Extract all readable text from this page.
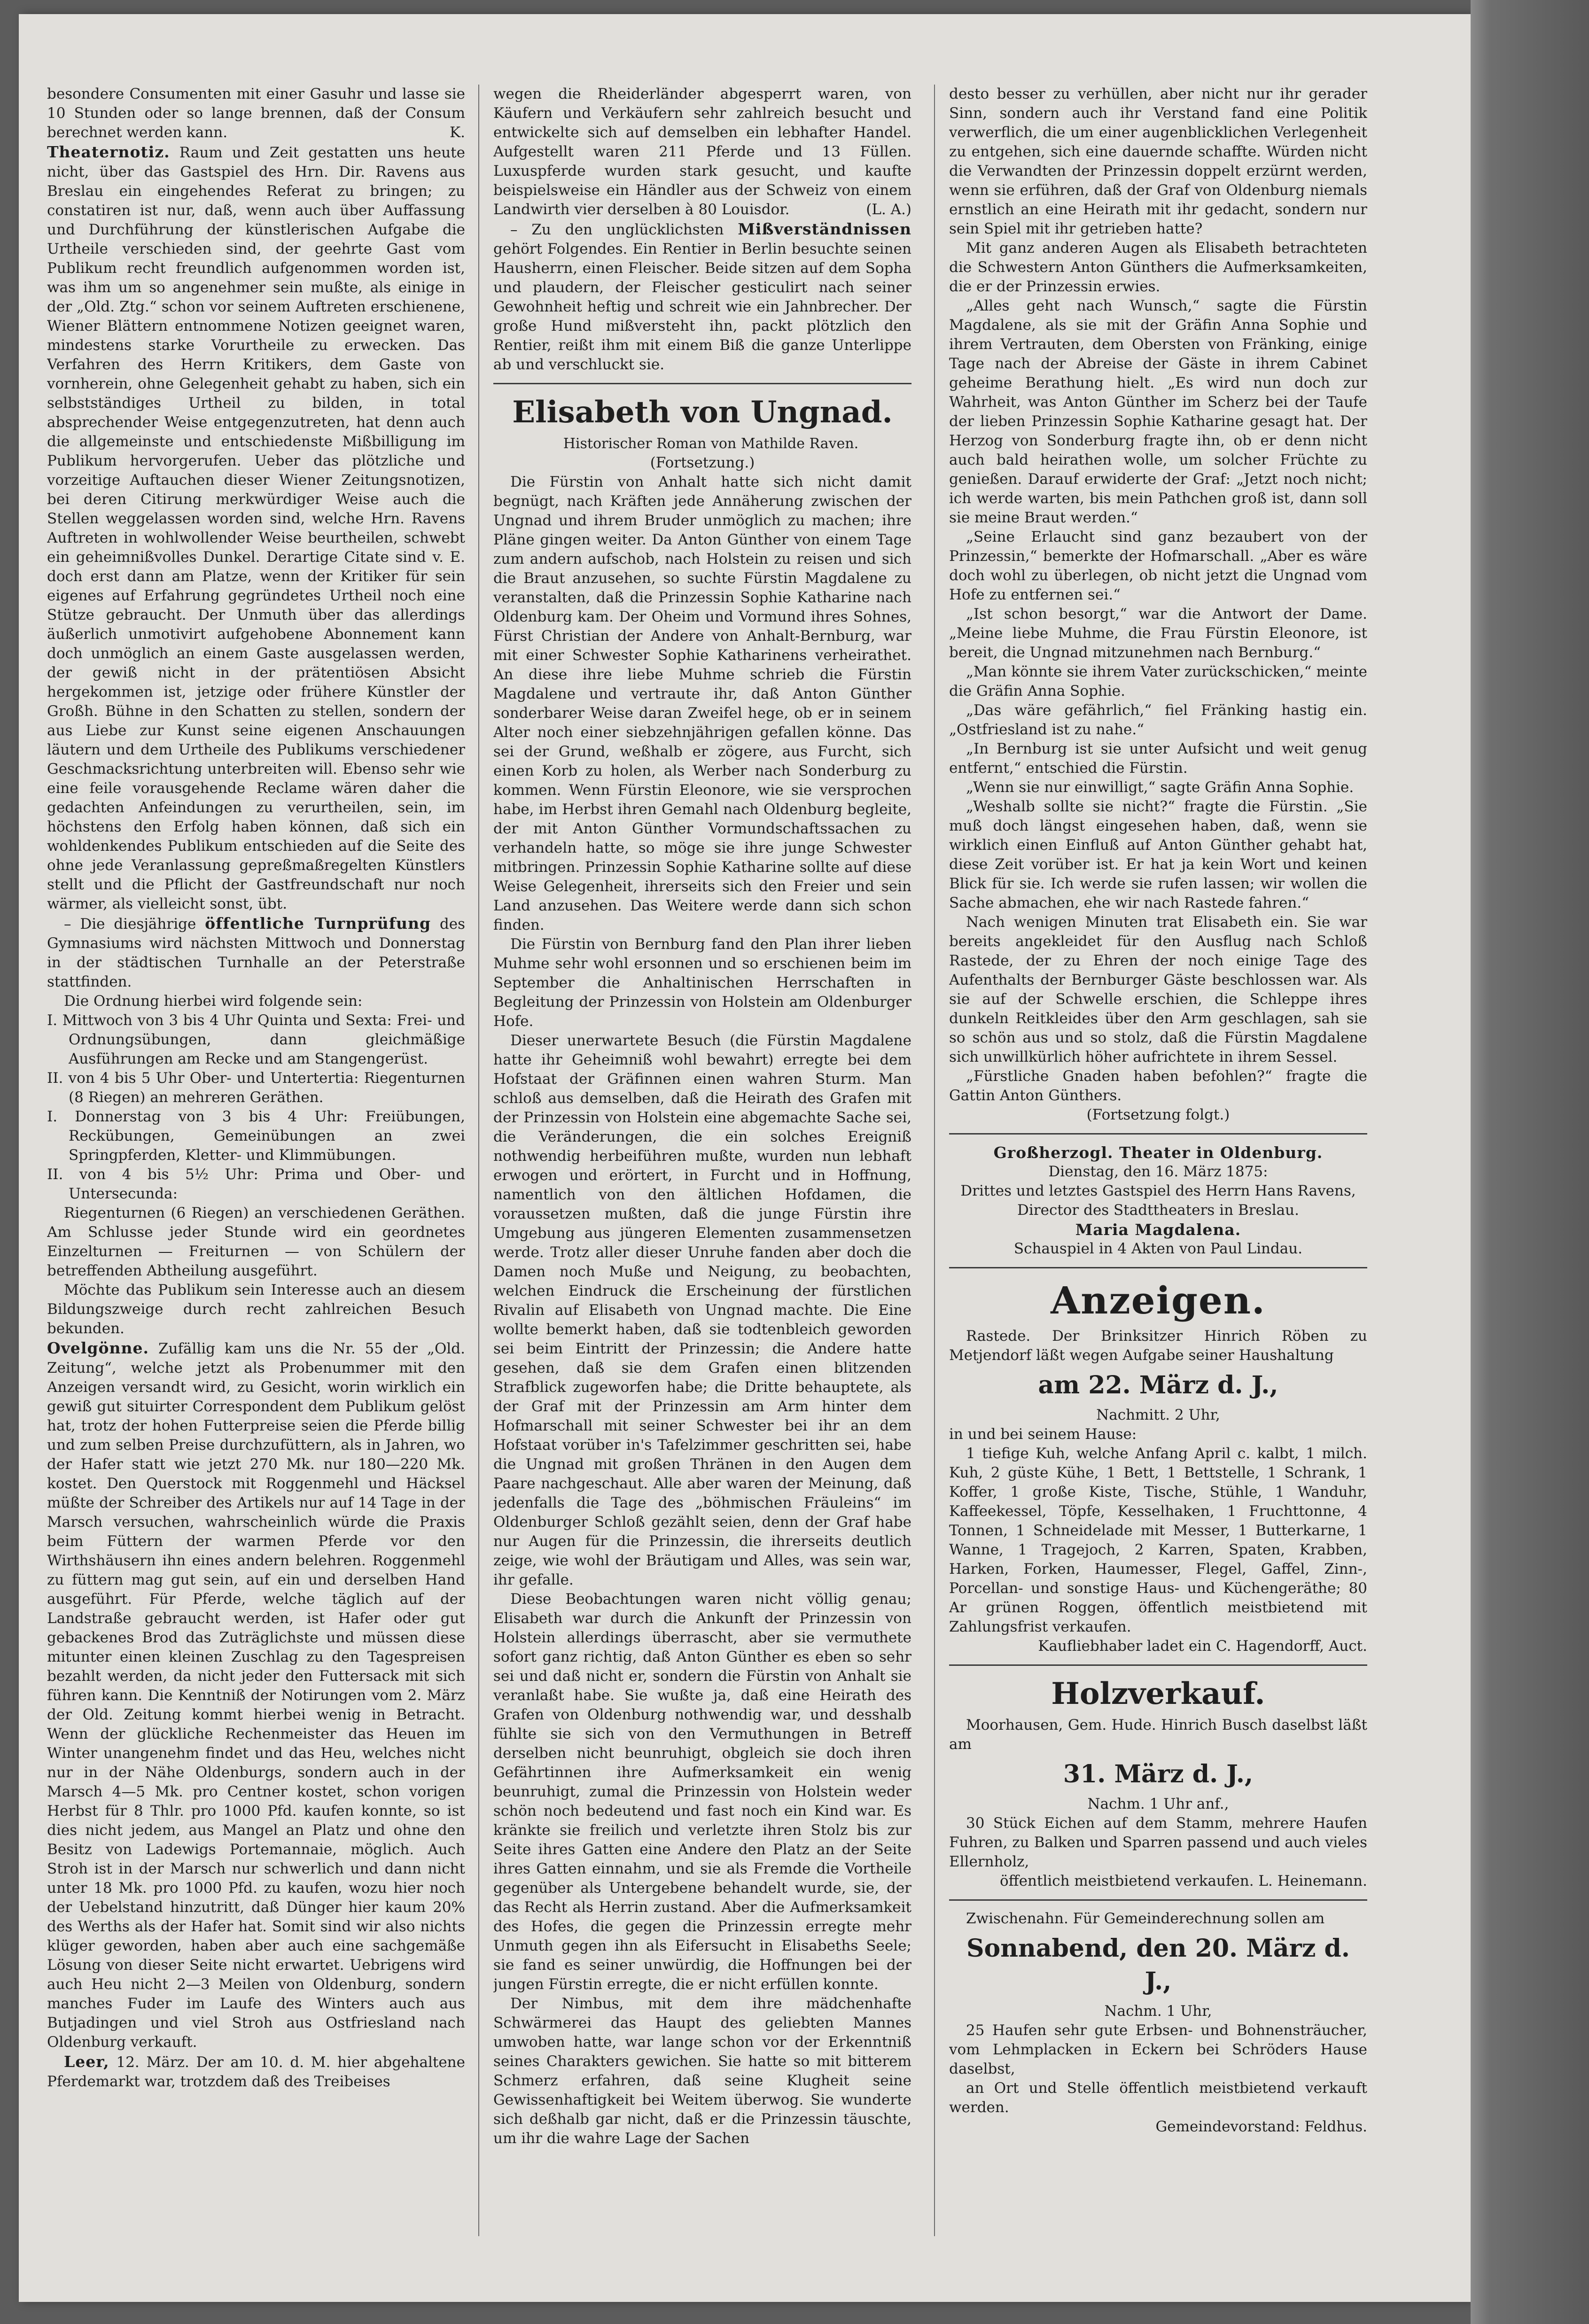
besondere Consumenten mit einer Gasuhr und lasse sie 10 Stunden oder so lange brennen, daß der Consum berechnet werden kann.	K.

Theaternotiz. Raum und Zeit gestatten uns heute nicht, über das Gastspiel des Hrn. Dir. Ravens aus Breslau ein eingehendes Referat zu bringen; zu constatiren ist nur, daß, wenn auch über Auffassung und Durchführung der künstlerischen Aufgabe die Urtheile verschieden sind, der geehrte Gast vom Publikum recht freundlich aufgenommen worden ist, was ihm um so angenehmer sein mußte, als einige in der „Old. Ztg.“ schon vor seinem Auftreten erschienene, Wiener Blättern entnommene Notizen geeignet waren, mindestens starke Vorurtheile zu erwecken. Das Verfahren des Herrn Kritikers, dem Gaste von vornherein, ohne Gelegenheit gehabt zu haben, sich ein selbstständiges Urtheil zu bilden, in total absprechender Weise entgegenzutreten, hat denn auch die allgemeinste und entschiedenste Mißbilligung im Publikum hervorgerufen. Ueber das plötzliche und vorzeitige Auftauchen dieser Wiener Zeitungsnotizen, bei deren Citirung merkwürdiger Weise auch die Stellen weggelassen worden sind, welche Hrn. Ravens Auftreten in wohlwollender Weise beurtheilen, schwebt ein geheimnißvolles Dunkel. Derartige Citate sind v. E. doch erst dann am Platze, wenn der Kritiker für sein eigenes auf Erfahrung gegründetes Urtheil noch eine Stütze gebraucht. Der Unmuth über das allerdings äußerlich unmotivirt aufgehobene Abonnement kann doch unmöglich an einem Gaste ausgelassen werden, der gewiß nicht in der prätentiösen Absicht hergekommen ist, jetzige oder frühere Künstler der Großh. Bühne in den Schatten zu stellen, sondern der aus Liebe zur Kunst seine eigenen Anschauungen läutern und dem Urtheile des Publikums verschiedener Geschmacksrichtung unterbreiten will. Ebenso sehr wie eine feile vorausgehende Reclame wären daher die gedachten Anfeindungen zu verurtheilen, sein, im höchstens den Erfolg haben können, daß sich ein wohldenkendes Publikum entschieden auf die Seite des ohne jede Veranlassung gepreßmaßregelten Künstlers stellt und die Pflicht der Gastfreundschaft nur noch wärmer, als vielleicht sonst, übt.

– Die diesjährige öffentliche Turnprüfung des Gymnasiums wird nächsten Mittwoch und Donnerstag in der städtischen Turnhalle an der Peterstraße stattfinden.

Die Ordnung hierbei wird folgende sein:

I. Mittwoch von 3 bis 4 Uhr Quinta und Sexta: Frei- und Ordnungsübungen, dann gleichmäßige Ausführungen am Recke und am Stangengerüst.

II. von 4 bis 5 Uhr Ober- und Untertertia: Riegenturnen (8 Riegen) an mehreren Geräthen.

I. Donnerstag von 3 bis 4 Uhr: Freiübungen, Reckübungen, Gemeinübungen an zwei Springpferden, Kletter- und Klimmübungen.

II. von 4 bis 5½ Uhr: Prima und Ober- und Untersecunda:

Riegenturnen (6 Riegen) an verschiedenen Geräthen. Am Schlusse jeder Stunde wird ein geordnetes Einzelturnen — Freiturnen — von Schülern der betreffenden Abtheilung ausgeführt.

Möchte das Publikum sein Interesse auch an diesem Bildungszweige durch recht zahlreichen Besuch bekunden.

Ovelgönne. Zufällig kam uns die Nr. 55 der „Old. Zeitung“, welche jetzt als Probenummer mit den Anzeigen versandt wird, zu Gesicht, worin wirklich ein gewiß gut situirter Correspondent dem Publikum gelöst hat, trotz der hohen Futterpreise seien die Pferde billig und zum selben Preise durchzufüttern, als in Jahren, wo der Hafer statt wie jetzt 270 Mk. nur 180—220 Mk. kostet. Den Querstock mit Roggenmehl und Häcksel müßte der Schreiber des Artikels nur auf 14 Tage in der Marsch versuchen, wahrscheinlich würde die Praxis beim Füttern der warmen Pferde vor den Wirthshäusern ihn eines andern belehren. Roggenmehl zu füttern mag gut sein, auf ein und derselben Hand ausgeführt. Für Pferde, welche täglich auf der Landstraße gebraucht werden, ist Hafer oder gut gebackenes Brod das Zuträglichste und müssen diese mitunter einen kleinen Zuschlag zu den Tagespreisen bezahlt werden, da nicht jeder den Futtersack mit sich führen kann. Die Kenntniß der Notirungen vom 2. März der Old. Zeitung kommt hierbei wenig in Betracht. Wenn der glückliche Rechenmeister das Heuen im Winter unangenehm findet und das Heu, welches nicht nur in der Nähe Oldenburgs, sondern auch in der Marsch 4—5 Mk. pro Centner kostet, schon vorigen Herbst für 8 Thlr. pro 1000 Pfd. kaufen konnte, so ist dies nicht jedem, aus Mangel an Platz und ohne den Besitz von Ladewigs Portemannaie, möglich. Auch Stroh ist in der Marsch nur schwerlich und dann nicht unter 18 Mk. pro 1000 Pfd. zu kaufen, wozu hier noch der Uebelstand hinzutritt, daß Dünger hier kaum 20% des Werths als der Hafer hat. Somit sind wir also nichts klüger geworden, haben aber auch eine sachgemäße Lösung von dieser Seite nicht erwartet. Uebrigens wird auch Heu nicht 2—3 Meilen von Oldenburg, sondern manches Fuder im Laufe des Winters auch aus Butjadingen und viel Stroh aus Ostfriesland nach Oldenburg verkauft.

Leer, 12. März. Der am 10. d. M. hier abgehaltene Pferdemarkt war, trotzdem daß des Treibeises

wegen die Rheiderländer abgesperrt waren, von Käufern und Verkäufern sehr zahlreich besucht und entwickelte sich auf demselben ein lebhafter Handel. Aufgestellt waren 211 Pferde und 13 Füllen. Luxuspferde wurden stark gesucht, und kaufte beispielsweise ein Händler aus der Schweiz von einem Landwirth vier derselben à 80 Louisdor.	(L. A.)

– Zu den unglücklichsten Mißverständnissen gehört Folgendes. Ein Rentier in Berlin besuchte seinen Hausherrn, einen Fleischer. Beide sitzen auf dem Sopha und plaudern, der Fleischer gesticulirt nach seiner Gewohnheit heftig und schreit wie ein Jahnbrecher. Der große Hund mißversteht ihn, packt plötzlich den Rentier, reißt ihm mit einem Biß die ganze Unterlippe ab und verschluckt sie.

Elisabeth von Ungnad.

Historischer Roman von Mathilde Raven.

(Fortsetzung.)

Die Fürstin von Anhalt hatte sich nicht damit begnügt, nach Kräften jede Annäherung zwischen der Ungnad und ihrem Bruder unmöglich zu machen; ihre Pläne gingen weiter. Da Anton Günther von einem Tage zum andern aufschob, nach Holstein zu reisen und sich die Braut anzusehen, so suchte Fürstin Magdalene zu veranstalten, daß die Prinzessin Sophie Katharine nach Oldenburg kam. Der Oheim und Vormund ihres Sohnes, Fürst Christian der Andere von Anhalt-Bernburg, war mit einer Schwester Sophie Katharinens verheirathet. An diese ihre liebe Muhme schrieb die Fürstin Magdalene und vertraute ihr, daß Anton Günther sonderbarer Weise daran Zweifel hege, ob er in seinem Alter noch einer siebzehnjährigen gefallen könne. Das sei der Grund, weßhalb er zögere, aus Furcht, sich einen Korb zu holen, als Werber nach Sonderburg zu kommen. Wenn Fürstin Eleonore, wie sie versprochen habe, im Herbst ihren Gemahl nach Oldenburg begleite, der mit Anton Günther Vormundschaftssachen zu verhandeln hatte, so möge sie ihre junge Schwester mitbringen. Prinzessin Sophie Katharine sollte auf diese Weise Gelegenheit, ihrerseits sich den Freier und sein Land anzusehen. Das Weitere werde dann sich schon finden.

Die Fürstin von Bernburg fand den Plan ihrer lieben Muhme sehr wohl ersonnen und so erschienen beim im September die Anhaltinischen Herrschaften in Begleitung der Prinzessin von Holstein am Oldenburger Hofe.

Dieser unerwartete Besuch (die Fürstin Magdalene hatte ihr Geheimniß wohl bewahrt) erregte bei dem Hofstaat der Gräfinnen einen wahren Sturm. Man schloß aus demselben, daß die Heirath des Grafen mit der Prinzessin von Holstein eine abgemachte Sache sei, die Veränderungen, die ein solches Ereigniß nothwendig herbeiführen mußte, wurden nun lebhaft erwogen und erörtert, in Furcht und in Hoffnung, namentlich von den ältlichen Hofdamen, die voraussetzen mußten, daß die junge Fürstin ihre Umgebung aus jüngeren Elementen zusammensetzen werde. Trotz aller dieser Unruhe fanden aber doch die Damen noch Muße und Neigung, zu beobachten, welchen Eindruck die Erscheinung der fürstlichen Rivalin auf Elisabeth von Ungnad machte. Die Eine wollte bemerkt haben, daß sie todtenbleich geworden sei beim Eintritt der Prinzessin; die Andere hatte gesehen, daß sie dem Grafen einen blitzenden Strafblick zugeworfen habe; die Dritte behauptete, als der Graf mit der Prinzessin am Arm hinter dem Hofmarschall mit seiner Schwester bei ihr an dem Hofstaat vorüber in's Tafelzimmer geschritten sei, habe die Ungnad mit großen Thränen in den Augen dem Paare nachgeschaut. Alle aber waren der Meinung, daß jedenfalls die Tage des „böhmischen Fräuleins“ im Oldenburger Schloß gezählt seien, denn der Graf habe nur Augen für die Prinzessin, die ihrerseits deutlich zeige, wie wohl der Bräutigam und Alles, was sein war, ihr gefalle.

Diese Beobachtungen waren nicht völlig genau; Elisabeth war durch die Ankunft der Prinzessin von Holstein allerdings überrascht, aber sie vermuthete sofort ganz richtig, daß Anton Günther es eben so sehr sei und daß nicht er, sondern die Fürstin von Anhalt sie veranlaßt habe. Sie wußte ja, daß eine Heirath des Grafen von Oldenburg nothwendig war, und desshalb fühlte sie sich von den Vermuthungen in Betreff derselben nicht beunruhigt, obgleich sie doch ihren Gefährtinnen ihre Aufmerksamkeit ein wenig beunruhigt, zumal die Prinzessin von Holstein weder schön noch bedeutend und fast noch ein Kind war. Es kränkte sie freilich und verletzte ihren Stolz bis zur Seite ihres Gatten eine Andere den Platz an der Seite ihres Gatten einnahm, und sie als Fremde die Vortheile gegenüber als Untergebene behandelt wurde, sie, der das Recht als Herrin zustand. Aber die Aufmerksamkeit des Hofes, die gegen die Prinzessin erregte mehr Unmuth gegen ihn als Eifersucht in Elisabeths Seele; sie fand es seiner unwürdig, die Hoffnungen bei der jungen Fürstin erregte, die er nicht erfüllen konnte.

Der Nimbus, mit dem ihre mädchenhafte Schwärmerei das Haupt des geliebten Mannes umwoben hatte, war lange schon vor der Erkenntniß seines Charakters gewichen. Sie hatte so mit bitterem Schmerz erfahren, daß seine Klugheit seine Gewissenhaftigkeit bei Weitem überwog. Sie wunderte sich deßhalb gar nicht, daß er die Prinzessin täuschte, um ihr die wahre Lage der Sachen

desto besser zu verhüllen, aber nicht nur ihr gerader Sinn, sondern auch ihr Verstand fand eine Politik verwerflich, die um einer augenblicklichen Verlegenheit zu entgehen, sich eine dauernde schaffte. Würden nicht die Verwandten der Prinzessin doppelt erzürnt werden, wenn sie erführen, daß der Graf von Oldenburg niemals ernstlich an eine Heirath mit ihr gedacht, sondern nur sein Spiel mit ihr getrieben hatte?

Mit ganz anderen Augen als Elisabeth betrachteten die Schwestern Anton Günthers die Aufmerksamkeiten, die er der Prinzessin erwies.

„Alles geht nach Wunsch,“ sagte die Fürstin Magdalene, als sie mit der Gräfin Anna Sophie und ihrem Vertrauten, dem Obersten von Fränking, einige Tage nach der Abreise der Gäste in ihrem Cabinet geheime Berathung hielt. „Es wird nun doch zur Wahrheit, was Anton Günther im Scherz bei der Taufe der lieben Prinzessin Sophie Katharine gesagt hat. Der Herzog von Sonderburg fragte ihn, ob er denn nicht auch bald heirathen wolle, um solcher Früchte zu genießen. Darauf erwiderte der Graf: „Jetzt noch nicht; ich werde warten, bis mein Pathchen groß ist, dann soll sie meine Braut werden.“

„Seine Erlaucht sind ganz bezaubert von der Prinzessin,“ bemerkte der Hofmarschall. „Aber es wäre doch wohl zu überlegen, ob nicht jetzt die Ungnad vom Hofe zu entfernen sei.“

„Ist schon besorgt,“ war die Antwort der Dame. „Meine liebe Muhme, die Frau Fürstin Eleonore, ist bereit, die Ungnad mitzunehmen nach Bernburg.“

„Man könnte sie ihrem Vater zurückschicken,“ meinte die Gräfin Anna Sophie.

„Das wäre gefährlich,“ fiel Fränking hastig ein. „Ostfriesland ist zu nahe.“

„In Bernburg ist sie unter Aufsicht und weit genug entfernt,“ entschied die Fürstin.

„Wenn sie nur einwilligt,“ sagte Gräfin Anna Sophie.

„Weshalb sollte sie nicht?“ fragte die Fürstin. „Sie muß doch längst eingesehen haben, daß, wenn sie wirklich einen Einfluß auf Anton Günther gehabt hat, diese Zeit vorüber ist. Er hat ja kein Wort und keinen Blick für sie. Ich werde sie rufen lassen; wir wollen die Sache abmachen, ehe wir nach Rastede fahren.“

Nach wenigen Minuten trat Elisabeth ein. Sie war bereits angekleidet für den Ausflug nach Schloß Rastede, der zu Ehren der noch einige Tage des Aufenthalts der Bernburger Gäste beschlossen war. Als sie auf der Schwelle erschien, die Schleppe ihres dunkeln Reitkleides über den Arm geschlagen, sah sie so schön aus und so stolz, daß die Fürstin Magdalene sich unwillkürlich höher aufrichtete in ihrem Sessel.

„Fürstliche Gnaden haben befohlen?“ fragte die Gattin Anton Günthers.

(Fortsetzung folgt.)

Großherzogl. Theater in Oldenburg.

Dienstag, den 16. März 1875:

Drittes und letztes Gastspiel des Herrn Hans Ravens,

Director des Stadttheaters in Breslau.

Maria Magdalena.

Schauspiel in 4 Akten von Paul Lindau.

Anzeigen.

Rastede. Der Brinksitzer Hinrich Röben zu Metjendorf läßt wegen Aufgabe seiner Haushaltung

am 22. März d. J.,

Nachmitt. 2 Uhr,

in und bei seinem Hause:

1 tiefige Kuh, welche Anfang April c. kalbt, 1 milch. Kuh, 2 güste Kühe, 1 Bett, 1 Bettstelle, 1 Schrank, 1 Koffer, 1 große Kiste, Tische, Stühle, 1 Wanduhr, Kaffeekessel, Töpfe, Kesselhaken, 1 Fruchttonne, 4 Tonnen, 1 Schneidelade mit Messer, 1 Butterkarne, 1 Wanne, 1 Tragejoch, 2 Karren, Spaten, Krabben, Harken, Forken, Haumesser, Flegel, Gaffel, Zinn-, Porcellan- und sonstige Haus- und Küchengeräthe; 80 Ar grünen Roggen, öffentlich meistbietend mit Zahlungsfrist verkaufen.

Kaufliebhaber ladet ein C. Hagendorff, Auct.

Holzverkauf.

Moorhausen, Gem. Hude. Hinrich Busch daselbst läßt am

31. März d. J.,

Nachm. 1 Uhr anf.,

30 Stück Eichen auf dem Stamm, mehrere Haufen Fuhren, zu Balken und Sparren passend und auch vieles Ellernholz,

öffentlich meistbietend verkaufen. L. Heinemann.

Zwischenahn. Für Gemeinderechnung sollen am

Sonnabend, den 20. März d. J.,

Nachm. 1 Uhr,

25 Haufen sehr gute Erbsen- und Bohnensträucher, vom Lehmplacken in Eckern bei Schröders Hause daselbst,

an Ort und Stelle öffentlich meistbietend verkauft werden.

Gemeindevorstand: Feldhus.
